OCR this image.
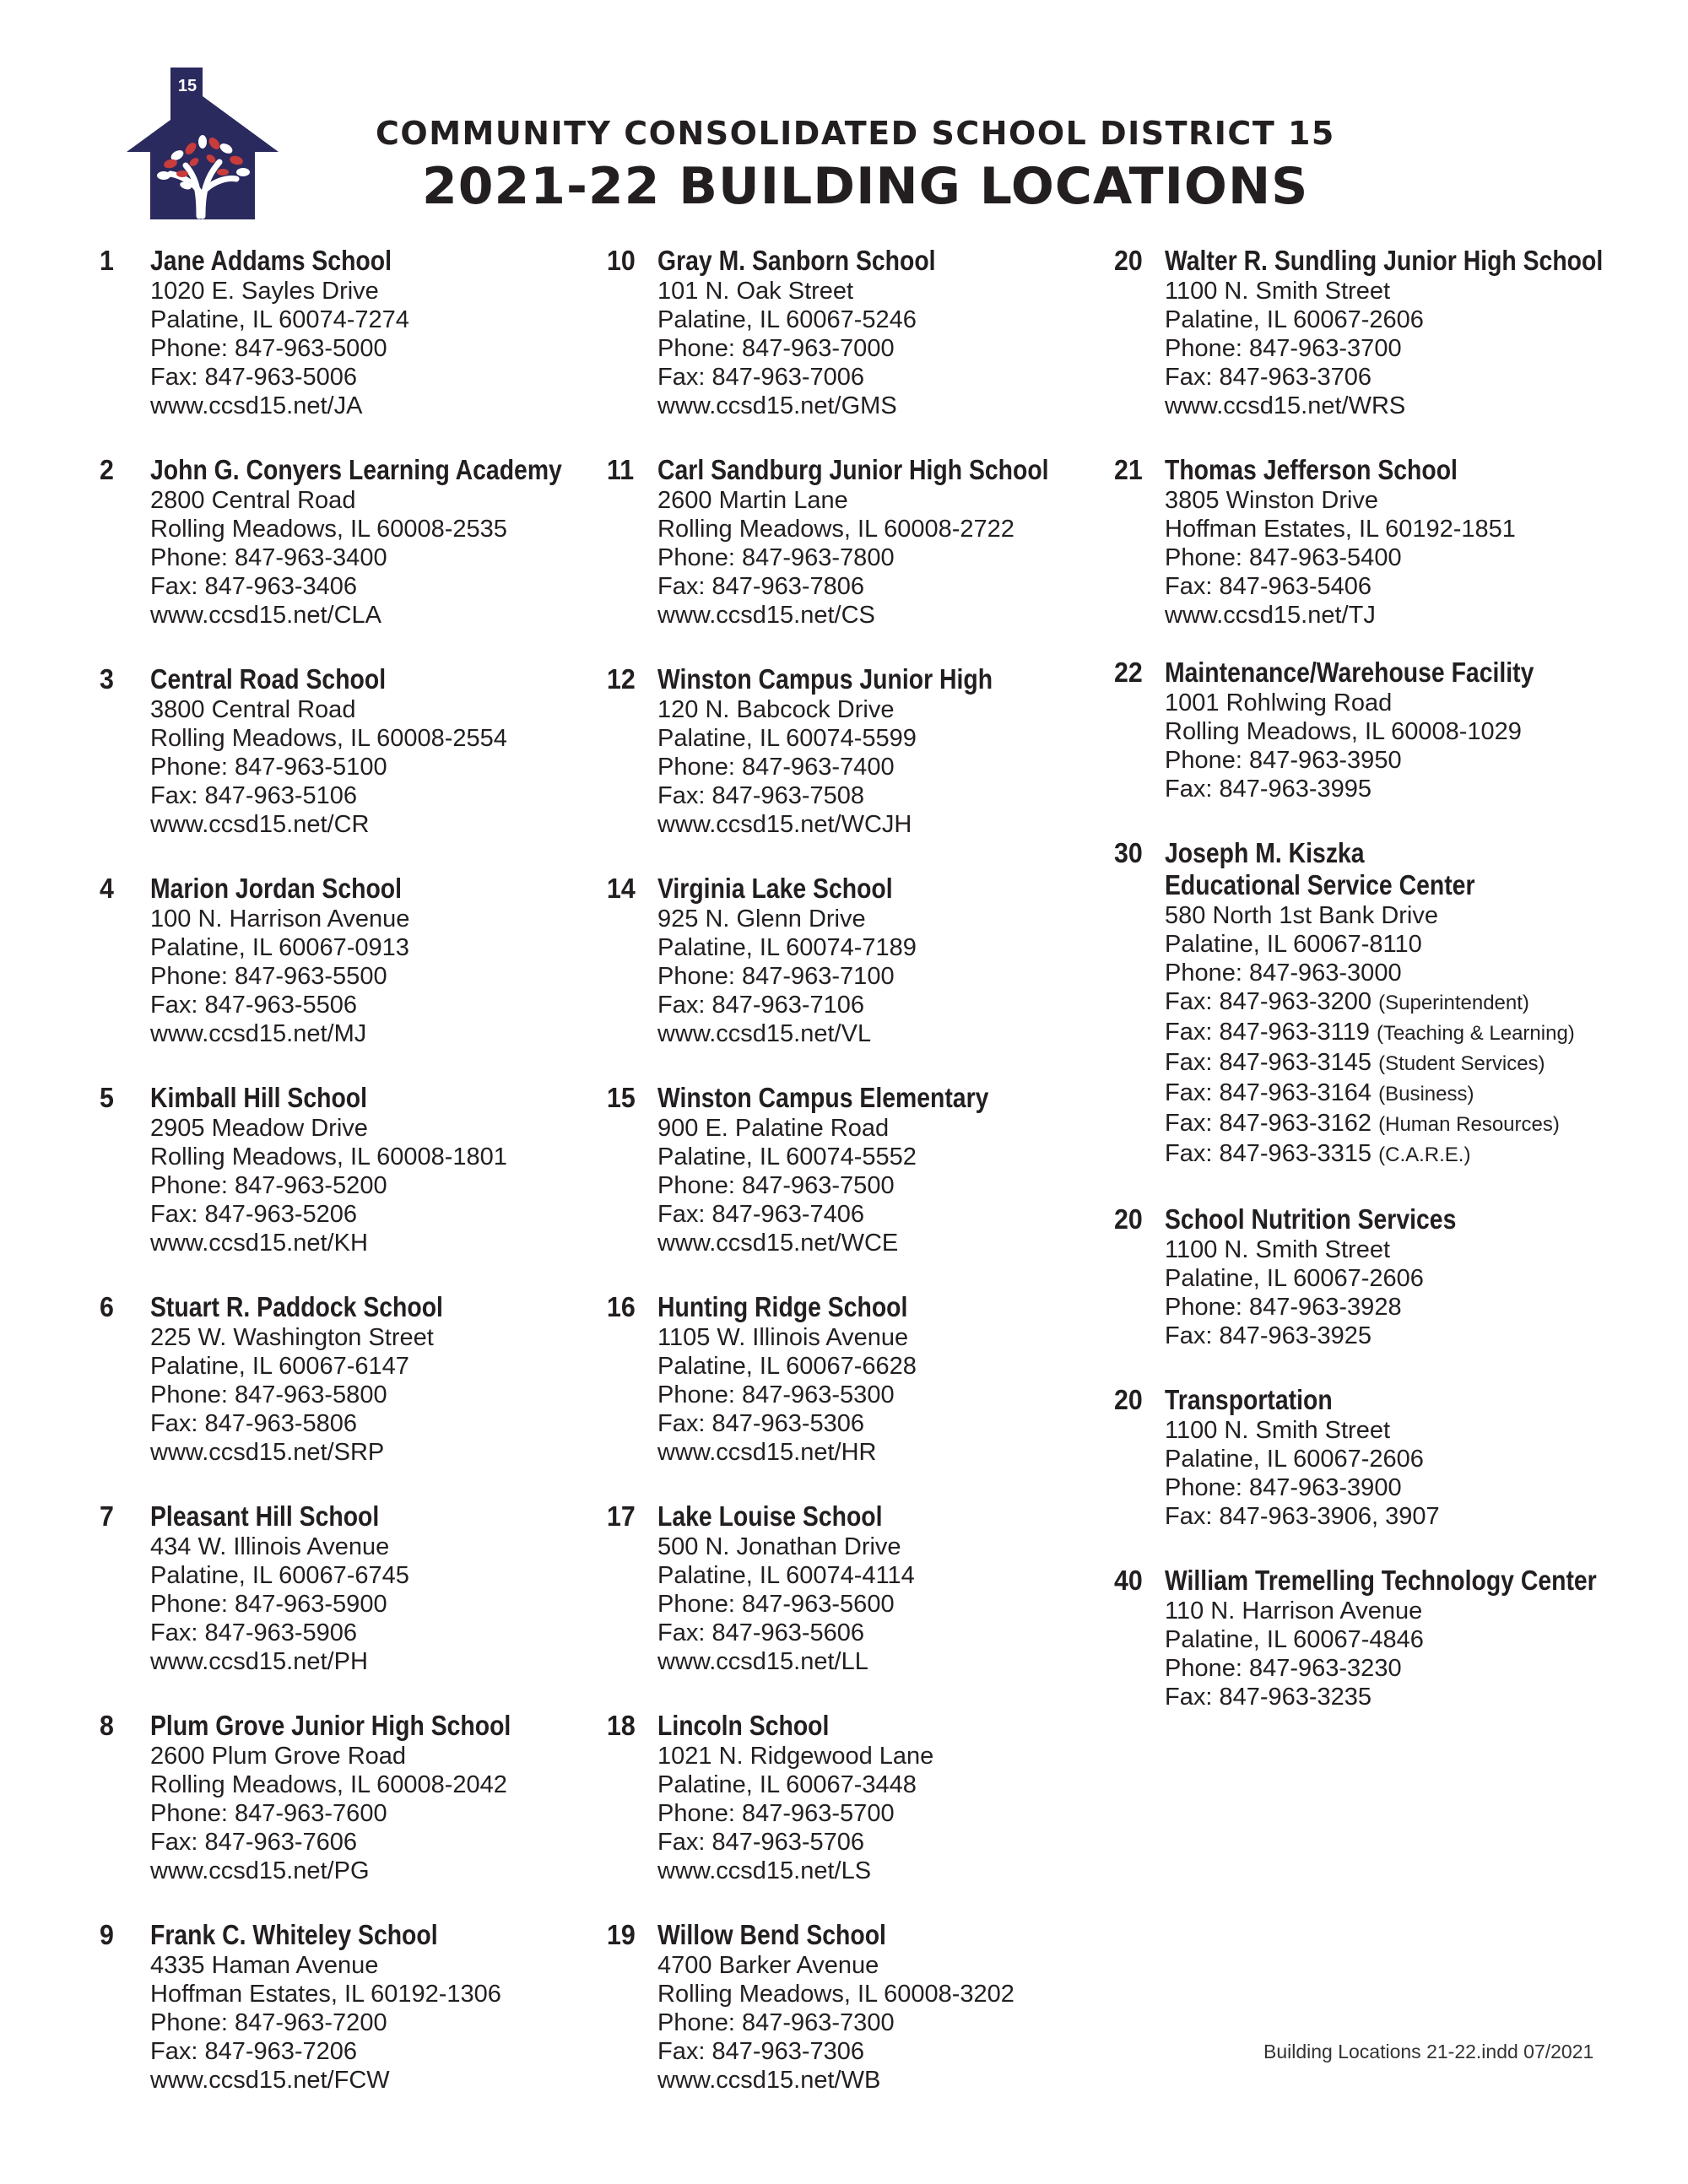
15
COMMUNITY CONSOLIDATED SCHOOL DISTRICT 15
2021-22 BUILDING LOCATIONS
1	Jane Addams School
1020 E. Sayles Drive
Palatine, IL 60074-7274
Phone: 847-963-5000
Fax: 847-963-5006
www.ccsd15.net/JA
2	John G. Conyers Learning Academy
2800 Central Road
Rolling Meadows, IL 60008-2535
Phone: 847-963-3400
Fax: 847-963-3406
www.ccsd15.net/CLA
3	Central Road School
3800 Central Road
Rolling Meadows, IL 60008-2554
Phone: 847-963-5100
Fax: 847-963-5106
www.ccsd15.net/CR
4	Marion Jordan School
100 N. Harrison Avenue
Palatine, IL 60067-0913
Phone: 847-963-5500
Fax: 847-963-5506
www.ccsd15.net/MJ
5	Kimball Hill School
2905 Meadow Drive
Rolling Meadows, IL 60008-1801
Phone: 847-963-5200
Fax: 847-963-5206
www.ccsd15.net/KH
6	Stuart R. Paddock School
225 W. Washington Street
Palatine, IL 60067-6147
Phone: 847-963-5800
Fax: 847-963-5806
www.ccsd15.net/SRP
7	Pleasant Hill School
434 W. Illinois Avenue
Palatine, IL 60067-6745
Phone: 847-963-5900
Fax: 847-963-5906
www.ccsd15.net/PH
8	Plum Grove Junior High School
2600 Plum Grove Road
Rolling Meadows, IL 60008-2042
Phone: 847-963-7600
Fax: 847-963-7606
www.ccsd15.net/PG
9	Frank C. Whiteley School
4335 Haman Avenue
Hoffman Estates, IL 60192-1306
Phone: 847-963-7200
Fax: 847-963-7206
www.ccsd15.net/FCW
10 Gray M. Sanborn School
101 N. Oak Street
Palatine, IL 60067-5246
Phone: 847-963-7000
Fax: 847-963-7006
www.ccsd15.net/GMS
11 Carl Sandburg Junior High School
2600 Martin Lane
Rolling Meadows, IL 60008-2722
Phone: 847-963-7800
Fax: 847-963-7806
www.ccsd15.net/CS
12 Winston Campus Junior High
120 N. Babcock Drive
Palatine, IL 60074-5599
Phone: 847-963-7400
Fax: 847-963-7508
www.ccsd15.net/WCJH
14 Virginia Lake School
925 N. Glenn Drive
Palatine, IL 60074-7189
Phone: 847-963-7100
Fax: 847-963-7106
www.ccsd15.net/VL
15 Winston Campus Elementary
900 E. Palatine Road
Palatine, IL 60074-5552
Phone: 847-963-7500
Fax: 847-963-7406
www.ccsd15.net/WCE
16 Hunting Ridge School
1105 W. Illinois Avenue
Palatine, IL 60067-6628
Phone: 847-963-5300
Fax: 847-963-5306
www.ccsd15.net/HR
17 Lake Louise School
500 N. Jonathan Drive
Palatine, IL 60074-4114
Phone: 847-963-5600
Fax: 847-963-5606
www.ccsd15.net/LL
18 Lincoln School
1021 N. Ridgewood Lane
Palatine, IL 60067-3448
Phone: 847-963-5700
Fax: 847-963-5706
www.ccsd15.net/LS
19 Willow Bend School
4700 Barker Avenue
Rolling Meadows, IL 60008-3202
Phone: 847-963-7300
Fax: 847-963-7306
www.ccsd15.net/WB
20 Walter R. Sundling Junior High School
1100 N. Smith Street
Palatine, IL 60067-2606
Phone: 847-963-3700
Fax: 847-963-3706
www.ccsd15.net/WRS
21 Thomas Jefferson School
3805 Winston Drive
Hoffman Estates, IL 60192-1851
Phone: 847-963-5400
Fax: 847-963-5406
www.ccsd15.net/TJ
22 Maintenance/Warehouse Facility
1001 Rohlwing Road
Rolling Meadows, IL 60008-1029
Phone: 847-963-3950
Fax: 847-963-3995
30 Joseph M. Kiszka
Educational Service Center
580 North 1st Bank Drive
Palatine, IL 60067-8110
Phone: 847-963-3000
Fax: 847-963-3200 (Superintendent)
Fax: 847-963-3119 (Teaching & Learning)
Fax: 847-963-3145 (Student Services)
Fax: 847-963-3164 (Business)
Fax: 847-963-3162 (Human Resources)
Fax: 847-963-3315 (C.A.R.E.)
20 School Nutrition Services
1100 N. Smith Street
Palatine, IL 60067-2606
Phone: 847-963-3928
Fax: 847-963-3925
20 Transportation
1100 N. Smith Street
Palatine, IL 60067-2606
Phone: 847-963-3900
Fax: 847-963-3906, 3907
40 William Tremelling Technology Center
110 N. Harrison Avenue
Palatine, IL 60067-4846
Phone: 847-963-3230
Fax: 847-963-3235
Building Locations 21-22.indd 07/2021
